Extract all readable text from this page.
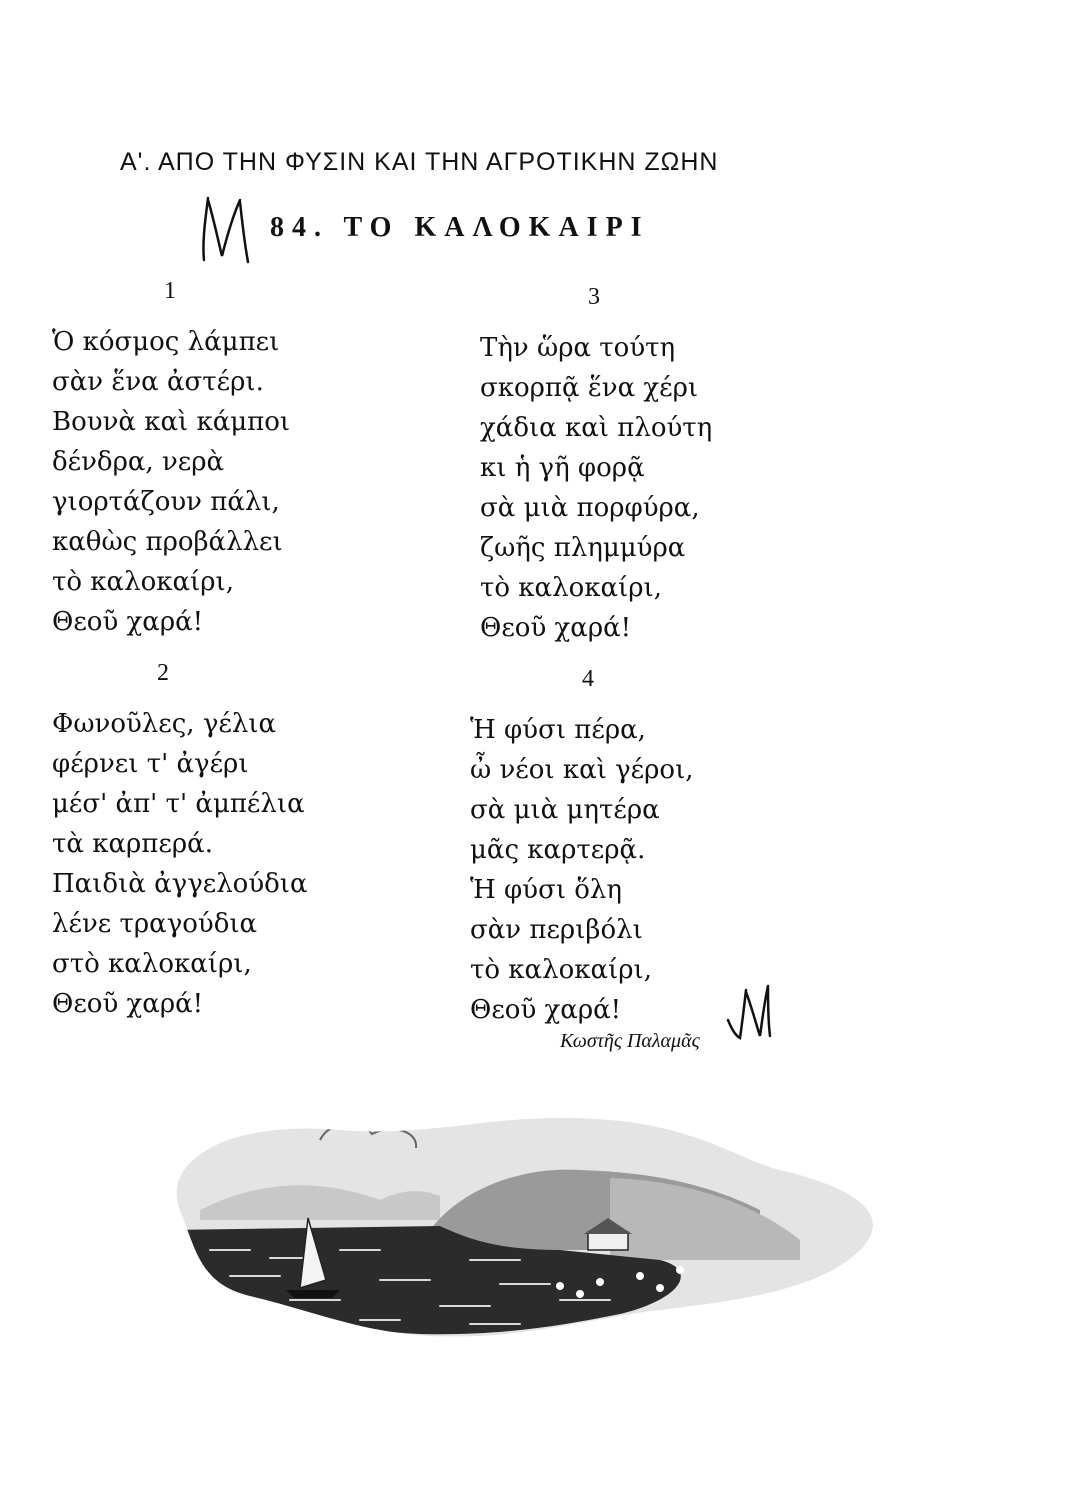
Α'. ΑΠΟ ΤΗΝ ΦΥΣΙΝ ΚΑΙ ΤΗΝ ΑΓΡΟΤΙΚΗΝ ΖΩΗΝ
84. ΤΟ ΚΑΛΟΚΑΙΡΙ
1
Ὁ κόσμος λάμπει
σὰν ἕνα ἀστέρι.
Βουνὰ καὶ κάμποι
δένδρα, νερὰ
γιορτάζουν πάλι,
καθὼς προβάλλει
τὸ καλοκαίρι,
Θεοῦ χαρά!
2
Φωνοῦλες, γέλια
φέρνει τ' ἀγέρι
μέσ' ἀπ' τ' ἀμπέλια
τὰ καρπερά.
Παιδιὰ ἀγγελούδια
λένε τραγούδια
στὸ καλοκαίρι,
Θεοῦ χαρά!
3
Τὴν ὥρα τούτη
σκορπᾷ ἕνα χέρι
χάδια καὶ πλούτη
κι ἡ γῆ φορᾷ
σὰ μιὰ πορφύρα,
ζωῆς πλημμύρα
τὸ καλοκαίρι,
Θεοῦ χαρά!
4
Ἡ φύσι πέρα,
ὦ νέοι καὶ γέροι,
σὰ μιὰ μητέρα
μᾶς καρτερᾷ.
Ἡ φύσι ὅλη
σὰν περιβόλι
τὸ καλοκαίρι,
Θεοῦ χαρά!
Κωστῆς Παλαμᾶς
